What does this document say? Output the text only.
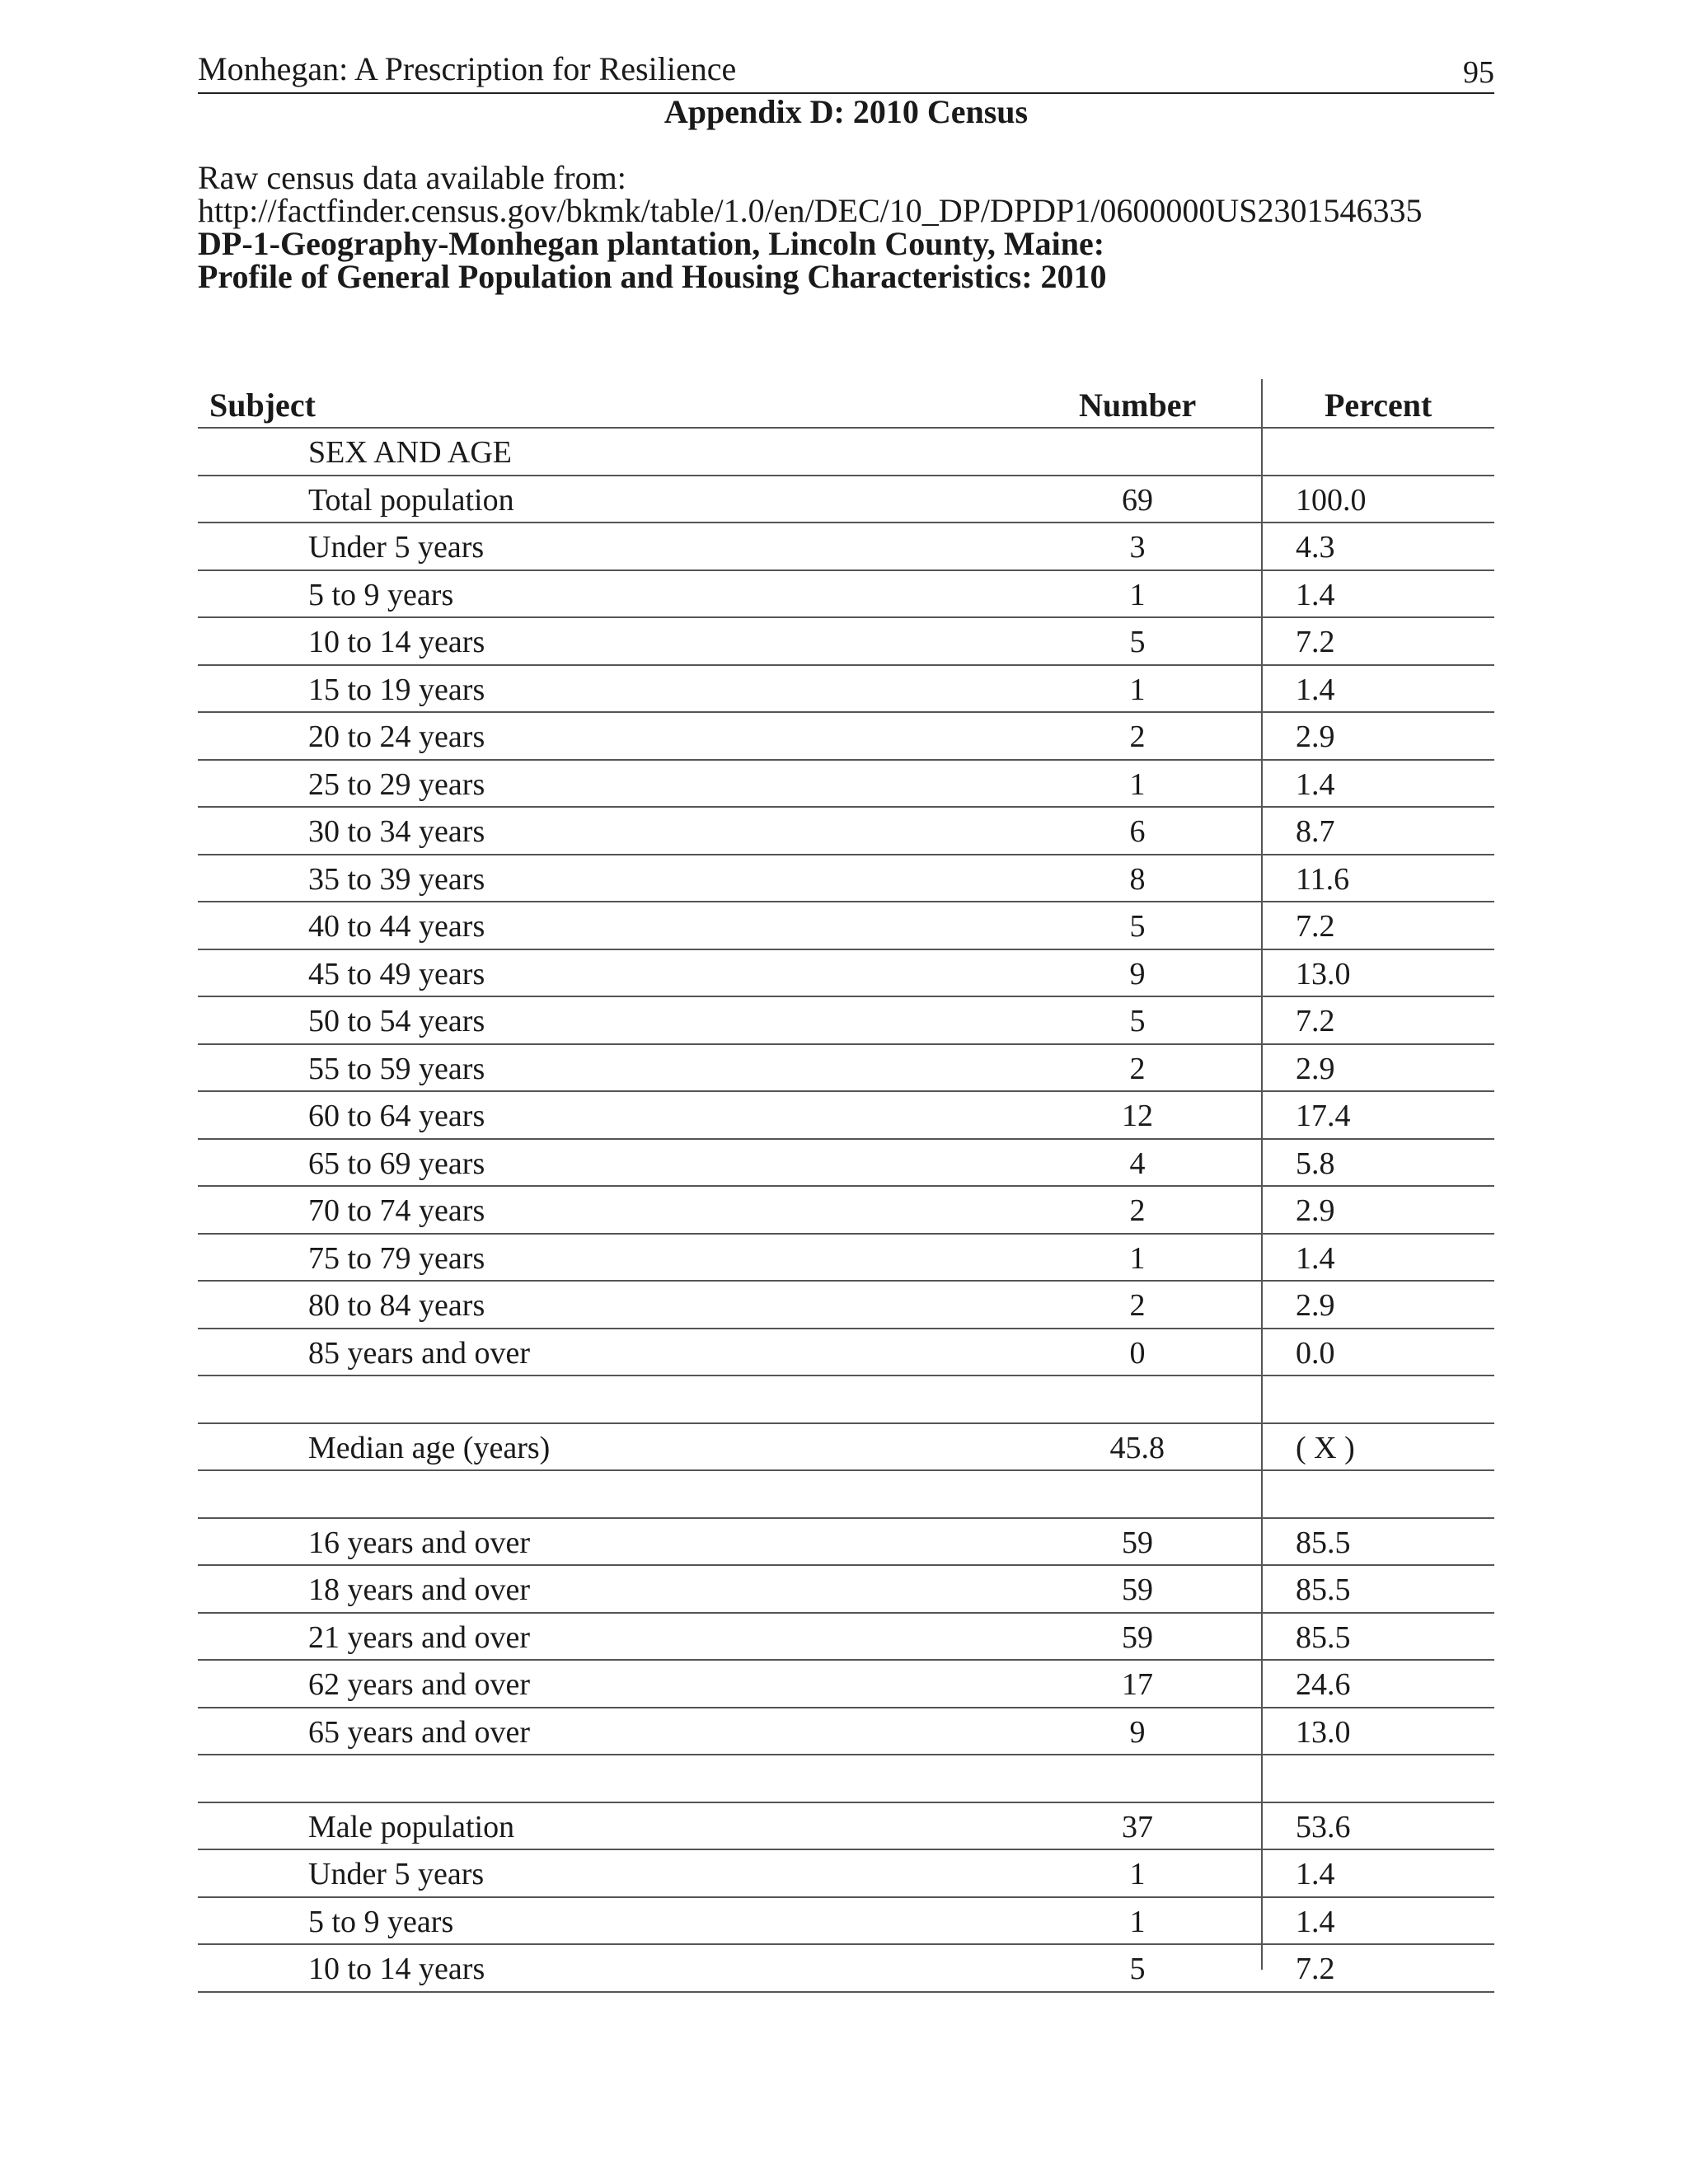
Monhegan: A Prescription for Resilience	95
Appendix D: 2010 Census
Raw census data available from:
http://factfinder.census.gov/bkmk/table/1.0/en/DEC/10_DP/DPDP1/0600000US2301546335
DP-1-Geography-Monhegan plantation, Lincoln County, Maine:
Profile of General Population and Housing Characteristics: 2010
Subject	Number	Percent
SEX AND AGE
Total population	69	100.0
Under 5 years	3	4.3
5 to 9 years	1	1.4
10 to 14 years	5	7.2
15 to 19 years	1	1.4
20 to 24 years	2	2.9
25 to 29 years	1	1.4
30 to 34 years	6	8.7
35 to 39 years	8	11.6
40 to 44 years	5	7.2
45 to 49 years	9	13.0
50 to 54 years	5	7.2
55 to 59 years	2	2.9
60 to 64 years	12	17.4
65 to 69 years	4	5.8
70 to 74 years	2	2.9
75 to 79 years	1	1.4
80 to 84 years	2	2.9
85 years and over	0	0.0
Median age (years)	45.8	( X )
16 years and over	59	85.5
18 years and over	59	85.5
21 years and over	59	85.5
62 years and over	17	24.6
65 years and over	9	13.0
Male population	37	53.6
Under 5 years	1	1.4
5 to 9 years	1	1.4
10 to 14 years	5	7.2
